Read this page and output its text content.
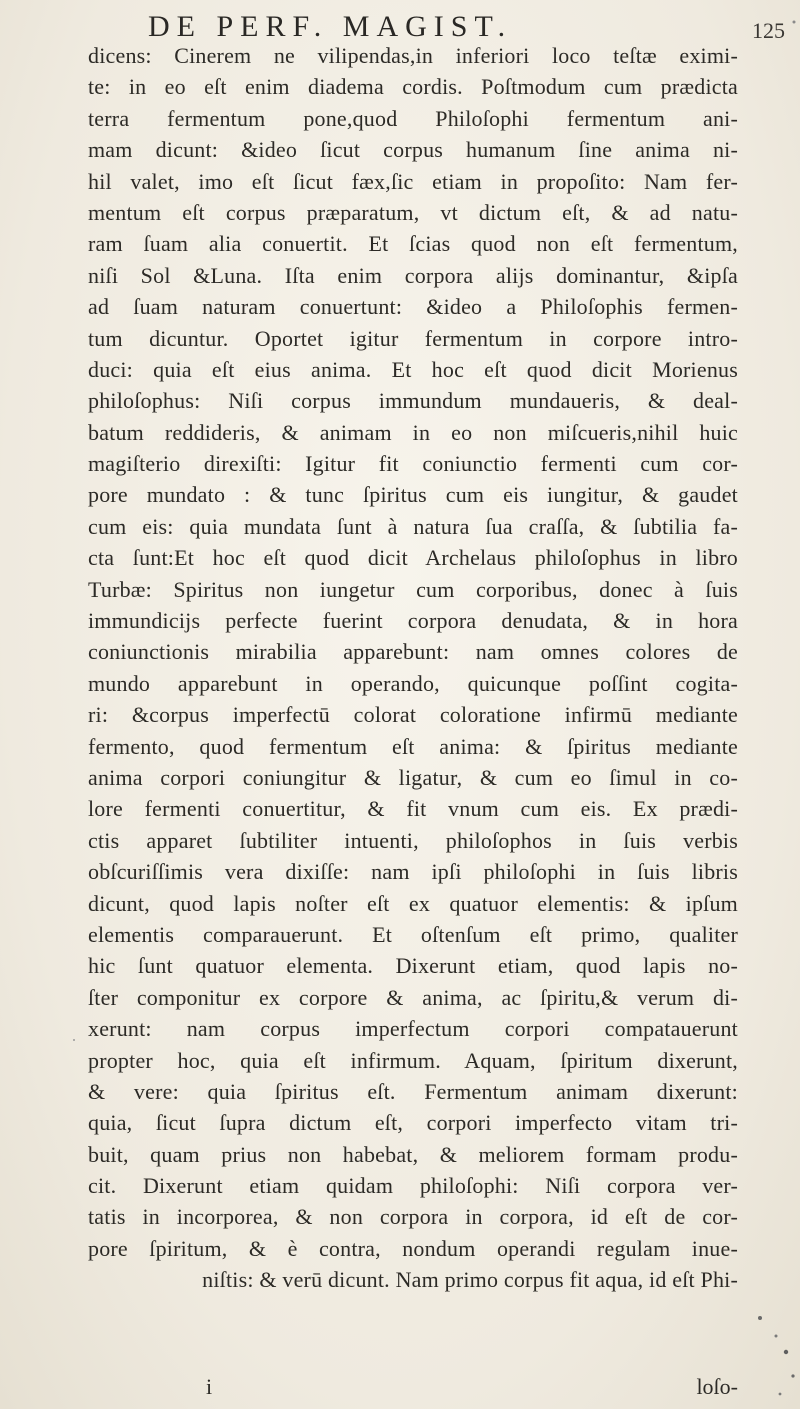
DE PERF. MAGIST.	125
dicens: Cinerem ne vilipendas,in inferiori loco teſtæ eximi-
te: in eo eſt enim diadema cordis. Poſtmodum cum prædicta
terra fermentum pone,quod Philoſophi fermentum ani-
mam dicunt: &ideo ſicut corpus humanum ſine anima ni-
hil valet, imo eſt ſicut fæx,ſic etiam in propoſito: Nam fer-
mentum eſt corpus præparatum, vt dictum eſt, & ad natu-
ram ſuam alia conuertit. Et ſcias quod non eſt fermentum,
niſi Sol &Luna. Iſta enim corpora alijs dominantur, &ipſa
ad ſuam naturam conuertunt: &ideo a Philoſophis fermen-
tum dicuntur. Oportet igitur fermentum in corpore intro-
duci: quia eſt eius anima. Et hoc eſt quod dicit Morienus
philoſophus: Niſi corpus immundum mundaueris, & deal-
batum reddideris, & animam in eo non miſcueris,nihil huic
magiſterio direxiſti: Igitur fit coniunctio fermenti cum cor-
pore mundato : & tunc ſpiritus cum eis iungitur, & gaudet
cum eis: quia mundata ſunt à natura ſua craſſa, & ſubtilia fa-
cta ſunt:Et hoc eſt quod dicit Archelaus philoſophus in libro
Turbæ: Spiritus non iungetur cum corporibus, donec à ſuis
immundicijs perfecte fuerint corpora denudata, & in hora
coniunctionis mirabilia apparebunt: nam omnes colores de
mundo apparebunt in operando, quicunque poſſint cogita-
ri: &corpus imperfectū colorat coloratione infirmū mediante
fermento, quod fermentum eſt anima: & ſpiritus mediante
anima corpori coniungitur & ligatur, & cum eo ſimul in co-
lore fermenti conuertitur, & fit vnum cum eis. Ex prædi-
ctis apparet ſubtiliter intuenti, philoſophos in ſuis verbis
obſcuriſſimis vera dixiſſe: nam ipſi philoſophi in ſuis libris
dicunt, quod lapis noſter eſt ex quatuor elementis: & ipſum
elementis comparauerunt. Et oſtenſum eſt primo, qualiter
hic ſunt quatuor elementa. Dixerunt etiam, quod lapis no-
ſter componitur ex corpore & anima, ac ſpiritu,& verum di-
xerunt: nam corpus imperfectum corpori compatauerunt
propter hoc, quia eſt infirmum. Aquam, ſpiritum dixerunt,
& vere: quia ſpiritus eſt. Fermentum animam dixerunt:
quia, ſicut ſupra dictum eſt, corpori imperfecto vitam tri-
buit, quam prius non habebat, & meliorem formam produ-
cit. Dixerunt etiam quidam philoſophi: Niſi corpora ver-
tatis in incorporea, & non corpora in corpora, id eſt de cor-
pore ſpiritum, & è contra, nondum operandi regulam inue-
niſtis: & verū dicunt. Nam primo corpus fit aqua, id eſt Phi-
i	loſo-
